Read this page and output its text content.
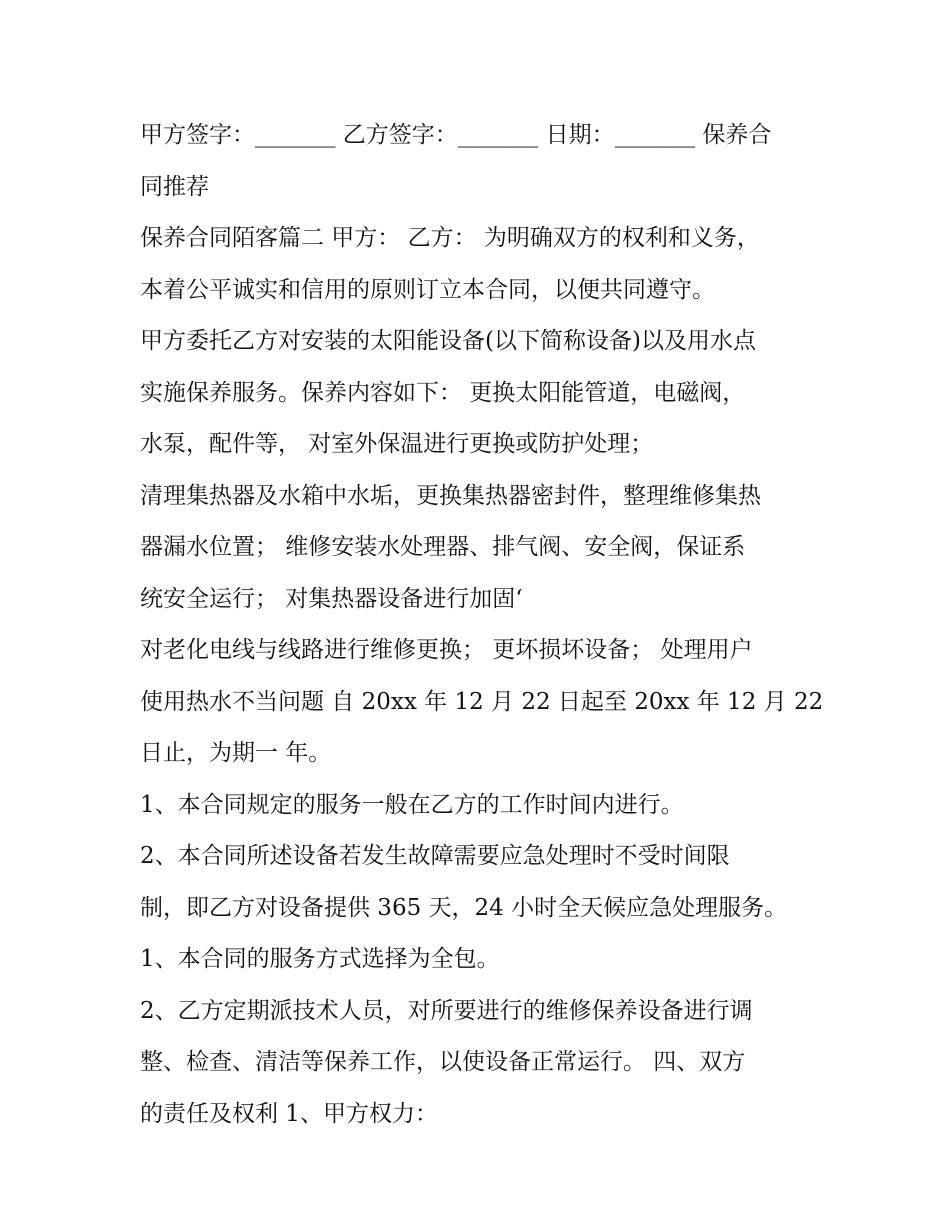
甲方签字：_______ 乙方签字：_______ 日期：_______ 保养合
同推荐
保养合同陌客篇二 甲方： 乙方： 为明确双方的权利和义务，
本着公平诚实和信用的原则订立本合同，以便共同遵守。
甲方委托乙方对安装的太阳能设备(以下简称设备)以及用水点
实施保养服务。保养内容如下： 更换太阳能管道，电磁阀，
水泵，配件等， 对室外保温进行更换或防护处理；
清理集热器及水箱中水垢，更换集热器密封件，整理维修集热
器漏水位置； 维修安装水处理器、排气阀、安全阀，保证系
统安全运行； 对集热器设备进行加固‘
对老化电线与线路进行维修更换； 更坏损坏设备； 处理用户
使用热水不当问题 自 20xx 年 12 月 22 日起至 20xx 年 12 月 22
日止，为期一 年。
1、本合同规定的服务一般在乙方的工作时间内进行。
2、本合同所述设备若发生故障需要应急处理时不受时间限
制，即乙方对设备提供 365 天，24 小时全天候应急处理服务。
1、本合同的服务方式选择为全包。
2、乙方定期派技术人员，对所要进行的维修保养设备进行调
整、检查、清洁等保养工作，以使设备正常运行。 四、双方
的责任及权利 1、甲方权力：
